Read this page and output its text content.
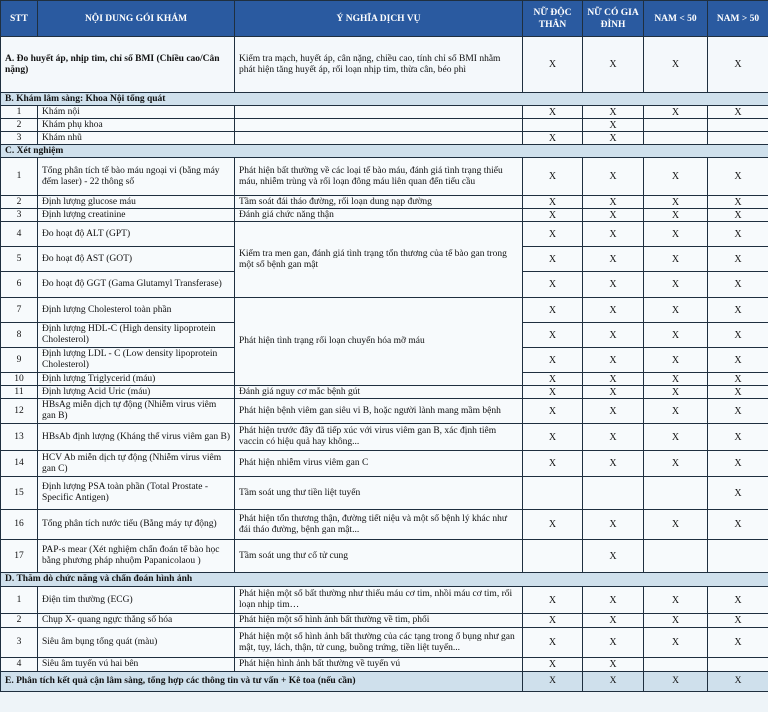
STT	NỘI DUNG GÓI KHÁM	Ý NGHĨA DỊCH VỤ	NỮ ĐỘC THÂN	NỮ CÓ GIA ĐÌNH	NAM < 50	NAM > 50
A. Đo huyết áp, nhịp tim, chỉ số BMI (Chiều cao/Cân nặng)		Kiểm tra mạch, huyết áp, cân nặng, chiều cao, tính chỉ số BMI nhằm phát hiện tăng huyết áp, rối loạn nhịp tim, thừa cân, béo phì	X	X	X	X
B. Khám lâm sàng: Khoa Nội tổng quát						
1	Khám nội		X	X	X	X
2	Khám phụ khoa			X		
3	Khám nhũ		X	X		
C. Xét nghiệm						
1	Tổng phân tích tế bào máu ngoại vi (bằng máy đếm laser) - 22 thông số	Phát hiện bất thường về các loại tế bào máu, đánh giá tình trạng thiếu máu, nhiễm trùng và rối loạn đông máu liên quan đến tiểu cầu	X	X	X	X
2	Định lượng glucose máu	Tầm soát đái tháo đường, rối loạn dung nạp đường	X	X	X	X
3	Định lượng creatinine	Đánh giá chức năng thận	X	X	X	X
4	Đo hoạt độ ALT (GPT)	Kiểm tra men gan, đánh giá tình trạng tổn thương của tế bào gan trong một số bệnh gan mật	X	X	X	X
5	Đo hoạt độ AST (GOT)		X	X	X	X
6	Đo hoạt độ GGT (Gama Glutamyl Transferase)		X	X	X	X
7	Định lượng Cholesterol toàn phần	Phát hiện tình trạng rối loạn chuyển hóa mỡ máu	X	X	X	X
8	Định lượng HDL-C (High density lipoprotein Cholesterol)		X	X	X	X
9	Định lượng LDL - C (Low density lipoprotein Cholesterol)		X	X	X	X
10	Định lượng Triglycerid (máu)		X	X	X	X
11	Định lượng Acid Uric (máu)	Đánh giá nguy cơ mắc bệnh gút	X	X	X	X
12	HBsAg miễn dịch tự động (Nhiễm virus viêm gan B)	Phát hiện bệnh viêm gan siêu vi B, hoặc người lành mang mầm bệnh	X	X	X	X
13	HBsAb định lượng (Kháng thể virus viêm gan B)	Phát hiện trước đây đã tiếp xúc với virus viêm gan B, xác định tiêm vaccin có hiệu quả hay không...	X	X	X	X
14	HCV Ab miễn dịch tự động (Nhiễm virus viêm gan C)	Phát hiện nhiễm virus viêm gan C	X	X	X	X
15	Định lượng PSA toàn phần (Total Prostate - Specific Antigen)	Tầm soát ung thư tiền liệt tuyến				X
16	Tổng phân tích nước tiểu (Bằng máy tự động)	Phát hiện tổn thương thận, đường tiết niệu và một số bệnh lý khác như đái tháo đường, bệnh gan mật...	X	X	X	X
17	PAP-s mear (Xét nghiệm chẩn đoán tế bào học bằng phương pháp nhuộm Papanicolaou )	Tầm soát ung thư cổ tử cung		X		
D. Thăm dò chức năng và chẩn đoán hình ảnh						
1	Điện tim thường (ECG)	Phát hiện một số bất thường như thiếu máu cơ tim, nhồi máu cơ tim, rối loạn nhịp tim…	X	X	X	X
2	Chụp X- quang ngực thẳng số hóa	Phát hiện một số hình ảnh bất thường về tim, phổi	X	X	X	X
3	Siêu âm bụng tổng quát (màu)	Phát hiện một số hình ảnh bất thường của các tạng trong ổ bụng như gan mật, tụy, lách, thận, tử cung, buồng trứng, tiền liệt tuyến...	X	X	X	X
4	Siêu âm tuyến vú hai bên	Phát hiện hình ảnh bất thường về tuyến vú	X	X		
E. Phân tích kết quả cận lâm sàng, tổng hợp các thông tin và tư vấn + Kê toa (nếu cần)			X	X	X	X
